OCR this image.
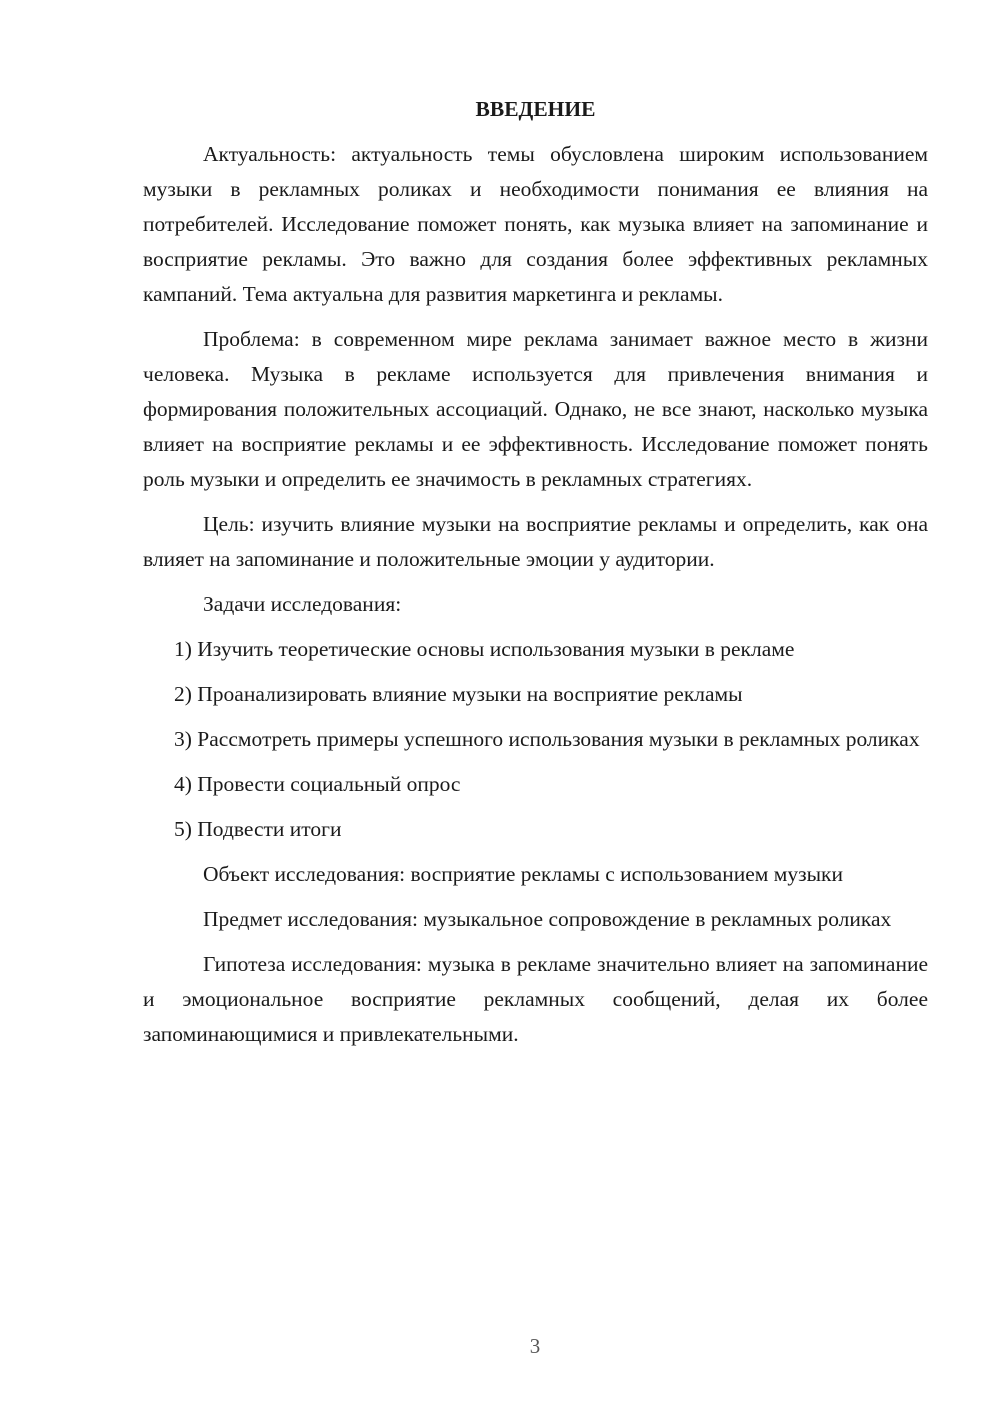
ВВЕДЕНИЕ

Актуальность: актуальность темы обусловлена широким использованием музыки в рекламных роликах и необходимости понимания ее влияния на потребителей. Исследование поможет понять, как музыка влияет на запоминание и восприятие рекламы. Это важно для создания более эффективных рекламных кампаний. Тема актуальна для развития маркетинга и рекламы.

Проблема: в современном мире реклама занимает важное место в жизни человека. Музыка в рекламе используется для привлечения внимания и формирования положительных ассоциаций. Однако, не все знают, насколько музыка влияет на восприятие рекламы и ее эффективность. Исследование поможет понять роль музыки и определить ее значимость в рекламных стратегиях.

Цель: изучить влияние музыки на восприятие рекламы и определить, как она влияет на запоминание и положительные эмоции у аудитории.

Задачи исследования:

1) Изучить теоретические основы использования музыки в рекламе

2) Проанализировать влияние музыки на восприятие рекламы

3) Рассмотреть примеры успешного использования музыки в рекламных роликах

4) Провести социальный опрос

5) Подвести итоги

Объект исследования: восприятие рекламы с использованием музыки

Предмет исследования: музыкальное сопровождение в рекламных роликах

Гипотеза исследования: музыка в рекламе значительно влияет на запоминание и эмоциональное восприятие рекламных сообщений, делая их более запоминающимися и привлекательными.

3
